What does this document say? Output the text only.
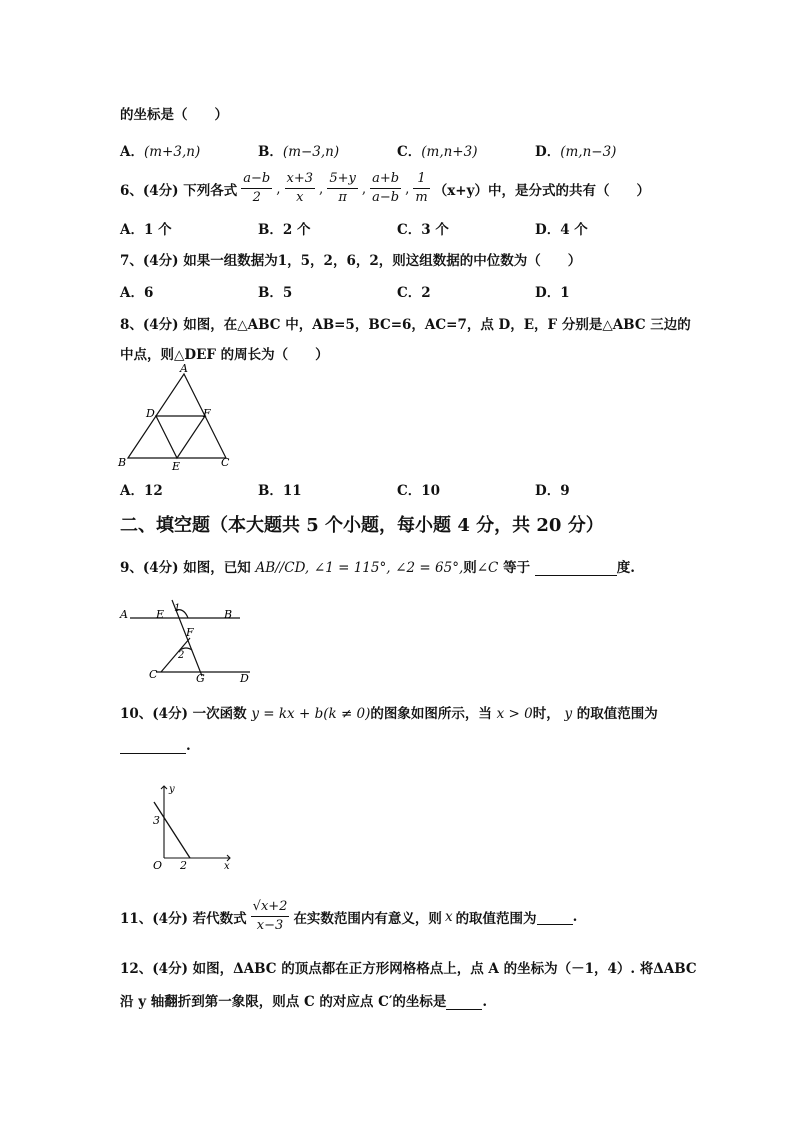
的坐标是（　　）
A．(m+3,n)	B．(m−3,n)	C．(m,n+3)	D．(m,n−3)
6、(4分) 下列各式 $\frac{a-b}{2}$ , $\frac{x+3}{x}$ , $\frac{5+y}{\pi}$ , $\frac{a+b}{a-b}$ , $\frac{1}{m} (x+y)$中，是分式的共有（　　）
A．1 个	B．2 个	C．3 个	D．4 个
7、(4分) 如果一组数据为1，5，2，6，2，则这组数据的中位数为（　　）
A．6	B．5	C．2	D．1
8、(4分) 如图，在△ABC 中，AB=5，BC=6，AC=7，点 D，E，F 分别是△ABC 三边的
中点，则△DEF 的周长为（　　）
A
D	F
B	E	C
A．12	B．11	C．10	D．9
二、填空题（本大题共 5 个小题，每小题 4 分，共 20 分）
9、(4分) 如图，已知 AB//CD, ∠1 = 115°, ∠2 = 65°,则∠C 等于	度.
A	E 1	B
F
2
C	G	D
10、(4分) 一次函数 y = kx + b(k ≠ 0)的图象如图所示，当 x > 0时， y 的取值范围为
.
y
3
O 2	x
11、(4分) 若代数式 $\frac{√x+2}{x-3}$ 在实数范围内有意义，则 x 的取值范围为
	.
12、(4分) 如图，ΔABC 的顶点都在正方形网格格点上，点 A 的坐标为（－1，4）. 将ΔABC
沿 y 轴翻折到第一象限，则点 C 的对应点 C′的坐标是	.
